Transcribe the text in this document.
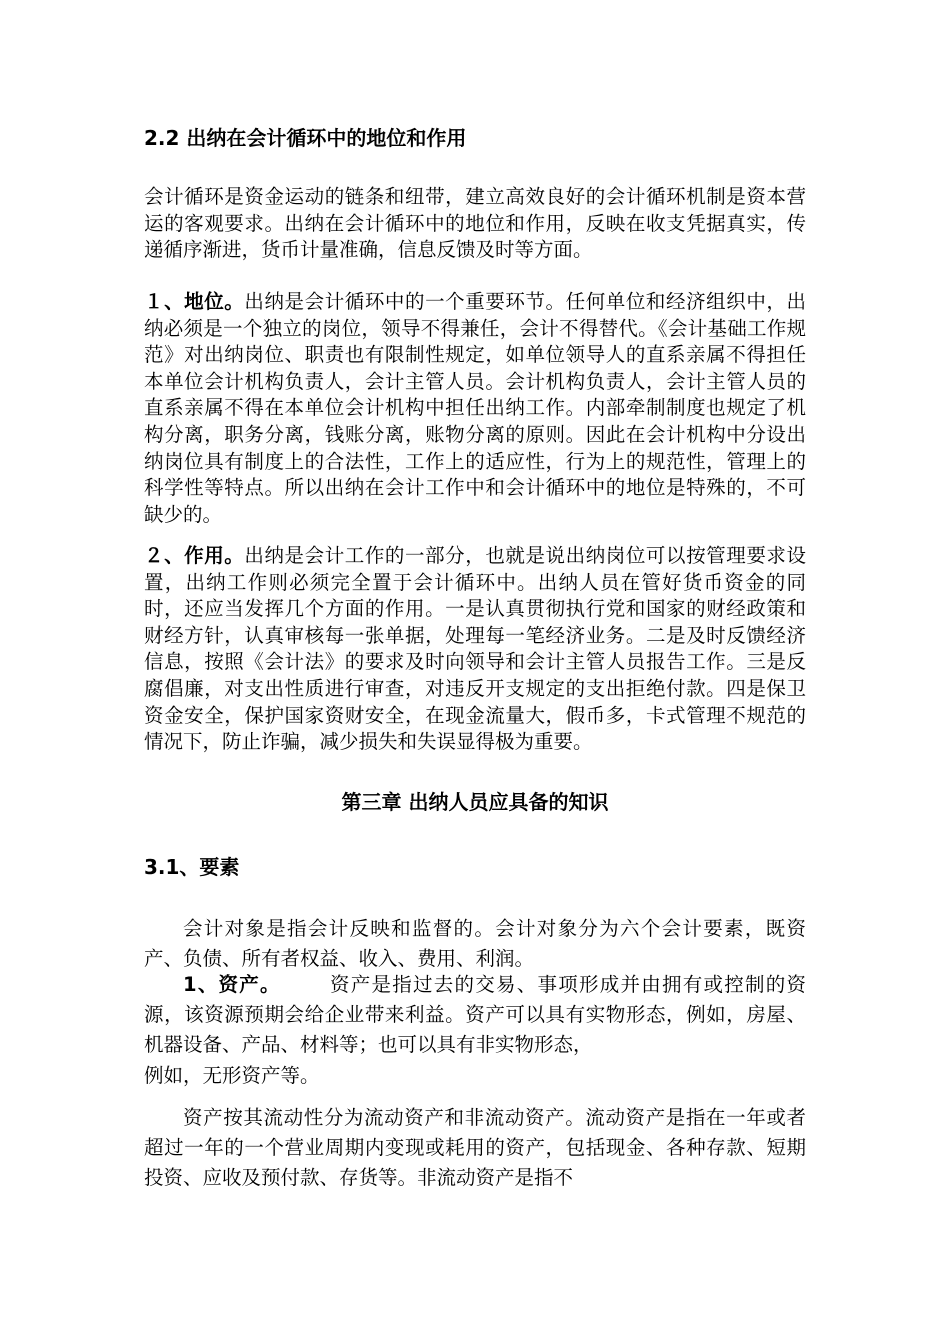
2.2 出纳在会计循环中的地位和作用

会计循环是资金运动的链条和纽带，建立高效良好的会计循环机制是资本营运的客观要求。出纳在会计循环中的地位和作用，反映在收支凭据真实，传递循序渐进，货币计量准确，信息反馈及时等方面。

１、地位。出纳是会计循环中的一个重要环节。任何单位和经济组织中，出纳必须是一个独立的岗位，领导不得兼任，会计不得替代。《会计基础工作规范》对出纳岗位、职责也有限制性规定，如单位领导人的直系亲属不得担任本单位会计机构负责人，会计主管人员。会计机构负责人，会计主管人员的直系亲属不得在本单位会计机构中担任出纳工作。内部牵制制度也规定了机构分离，职务分离，钱账分离，账物分离的原则。因此在会计机构中分设出纳岗位具有制度上的合法性，工作上的适应性，行为上的规范性，管理上的科学性等特点。所以出纳在会计工作中和会计循环中的地位是特殊的，不可缺少的。

２、作用。出纳是会计工作的一部分，也就是说出纳岗位可以按管理要求设置，出纳工作则必须完全置于会计循环中。出纳人员在管好货币资金的同时，还应当发挥几个方面的作用。一是认真贯彻执行党和国家的财经政策和财经方针，认真审核每一张单据，处理每一笔经济业务。二是及时反馈经济信息，按照《会计法》的要求及时向领导和会计主管人员报告工作。三是反腐倡廉，对支出性质进行审查，对违反开支规定的支出拒绝付款。四是保卫资金安全，保护国家资财安全，在现金流量大，假币多，卡式管理不规范的情况下，防止诈骗，减少损失和失误显得极为重要。

第三章 出纳人员应具备的知识
3.1、要素

会计对象是指会计反映和监督的。会计对象分为六个会计要素，既资产、负债、所有者权益、收入、费用、利润。

1、资产。 资产是指过去的交易、事项形成并由拥有或控制的资源，该资源预期会给企业带来利益。资产可以具有实物形态，例如，房屋、机器设备、产品、材料等；也可以具有非实物形态，

例如，无形资产等。

资产按其流动性分为流动资产和非流动资产。流动资产是指在一年或者超过一年的一个营业周期内变现或耗用的资产，包括现金、各种存款、短期投资、应收及预付款、存货等。非流动资产是指不
